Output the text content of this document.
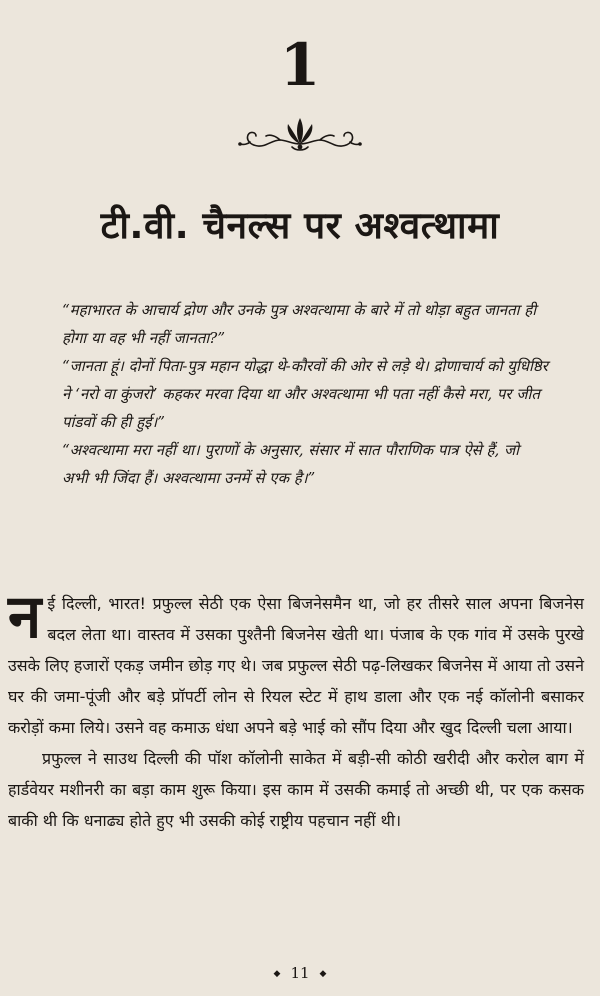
1
टी.वी. चैनल्स पर अश्वत्थामा

“महाभारत के आचार्य द्रोण और उनके पुत्र अश्वत्थामा के बारे में तो थोड़ा बहुत जानता ही होगा या वह भी नहीं जानता?”

“जानता हूं। दोनों पिता-पुत्र महान योद्धा थे-कौरवों की ओर से लड़े थे। द्रोणाचार्य को युधिष्ठिर ने ‘नरो वा कुंजरो’ कहकर मरवा दिया था और अश्वत्थामा भी पता नहीं कैसे मरा, पर जीत पांडवों की ही हुई।”

“अश्वत्थामा मरा नहीं था। पुराणों के अनुसार, संसार में सात पौराणिक पात्र ऐसे हैं, जो अभी भी जिंदा हैं। अश्वत्थामा उनमें से एक है।”

नई दिल्ली, भारत! प्रफुल्ल सेठी एक ऐसा बिजनेसमैन था, जो हर तीसरे साल अपना बिजनेस बदल लेता था। वास्तव में उसका पुश्तैनी बिजनेस खेती था। पंजाब के एक गांव में उसके पुरखे उसके लिए हजारों एकड़ जमीन छोड़ गए थे। जब प्रफुल्ल सेठी पढ़-लिखकर बिजनेस में आया तो उसने घर की जमा-पूंजी और बड़े प्रॉपर्टी लोन से रियल स्टेट में हाथ डाला और एक नई कॉलोनी बसाकर करोड़ों कमा लिये। उसने वह कमाऊ धंधा अपने बड़े भाई को सौंप दिया और खुद दिल्ली चला आया।

प्रफुल्ल ने साउथ दिल्ली की पॉश कॉलोनी साकेत में बड़ी-सी कोठी खरीदी और करोल बाग में हार्डवेयर मशीनरी का बड़ा काम शुरू किया। इस काम में उसकी कमाई तो अच्छी थी, पर एक कसक बाकी थी कि धनाढ्य होते हुए भी उसकी कोई राष्ट्रीय पहचान नहीं थी।

◆ 11 ◆
